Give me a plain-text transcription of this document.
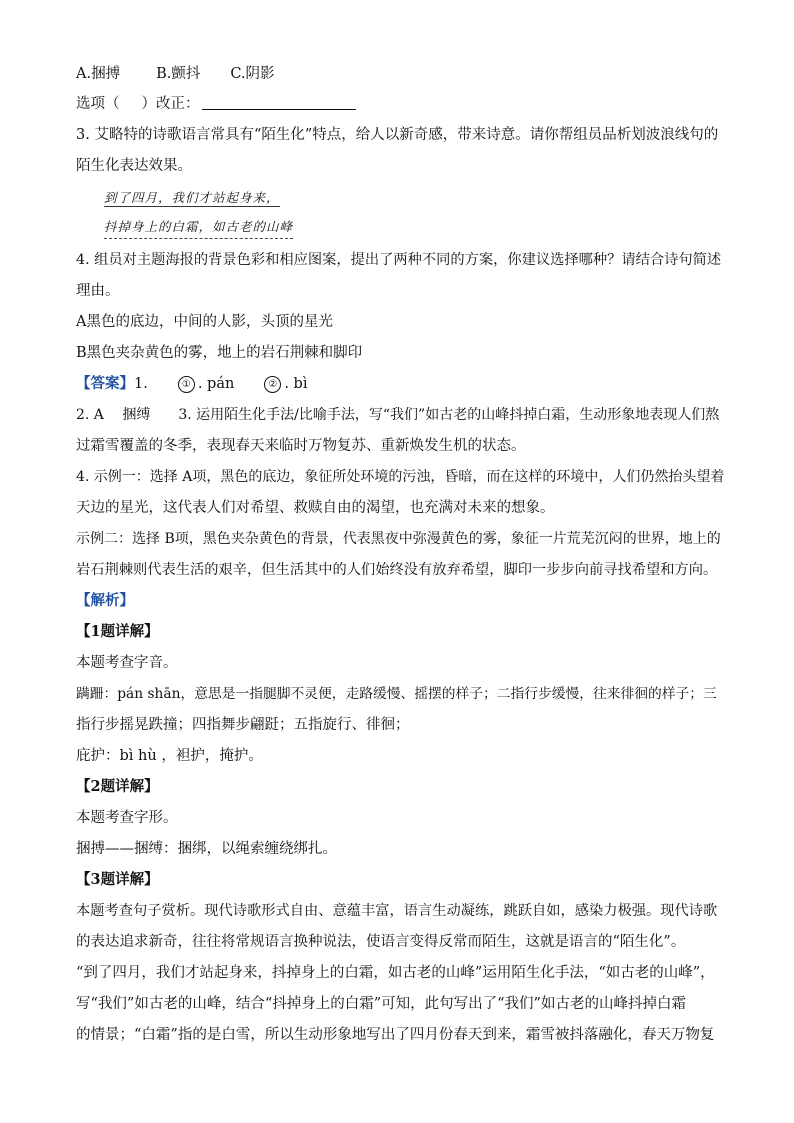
A.捆搏 B.颤抖 C.阴影
选项（ ）改正：
3. 艾略特的诗歌语言常具有“陌生化”特点，给人以新奇感，带来诗意。请你帮组员品析划波浪线句的
陌生化表达效果。
到了四月，我们才站起身来，
抖掉身上的白霜，如古老的山峰
4. 组员对主题海报的背景色彩和相应图案，提出了两种不同的方案，你建议选择哪种？请结合诗句简述
理由。
A黑色的底边，中间的人影，头顶的星光
B黑色夹杂黄色的雾，地上的岩石荆棘和脚印
【答案】1.	① . pán	② . bì
2. A　 捆缚　　3. 运用陌生化手法/比喻手法，写“我们”如古老的山峰抖掉白霜，生动形象地表现人们熬
过霜雪覆盖的冬季，表现春天来临时万物复苏、重新焕发生机的状态。
4. 示例一：选择 A项，黑色的底边，象征所处环境的污浊，昏暗，而在这样的环境中，人们仍然抬头望着
天边的星光，这代表人们对希望、救赎自由的渴望，也充满对未来的想象。
示例二：选择 B项，黑色夹杂黄色的背景，代表黑夜中弥漫黄色的雾，象征一片荒芜沉闷的世界，地上的
岩石荆棘则代表生活的艰辛，但生活其中的人们始终没有放弃希望，脚印一步步向前寻找希望和方向。
【解析】
【1题详解】
本题考查字音。
蹒跚：pán shān，意思是一指腿脚不灵便，走路缓慢、摇摆的样子；二指行步缓慢，往来徘徊的样子；三
指行步摇晃跌撞；四指舞步翩跹；五指旋行、徘徊；
庇护：bì hù ，袒护，掩护。
【2题详解】
本题考查字形。
捆搏——捆缚：捆绑，以绳索缠绕绑扎。
【3题详解】
本题考查句子赏析。现代诗歌形式自由、意蕴丰富，语言生动凝练，跳跃自如，感染力极强。现代诗歌
的表达追求新奇，往往将常规语言换种说法，使语言变得反常而陌生，这就是语言的“陌生化”。
“到了四月，我们才站起身来，抖掉身上的白霜，如古老的山峰”运用陌生化手法，“如古老的山峰”，
写“我们”如古老的山峰，结合“抖掉身上的白霜”可知，此句写出了“我们”如古老的山峰抖掉白霜
的情景；“白霜”指的是白雪，所以生动形象地写出了四月份春天到来，霜雪被抖落融化，春天万物复
